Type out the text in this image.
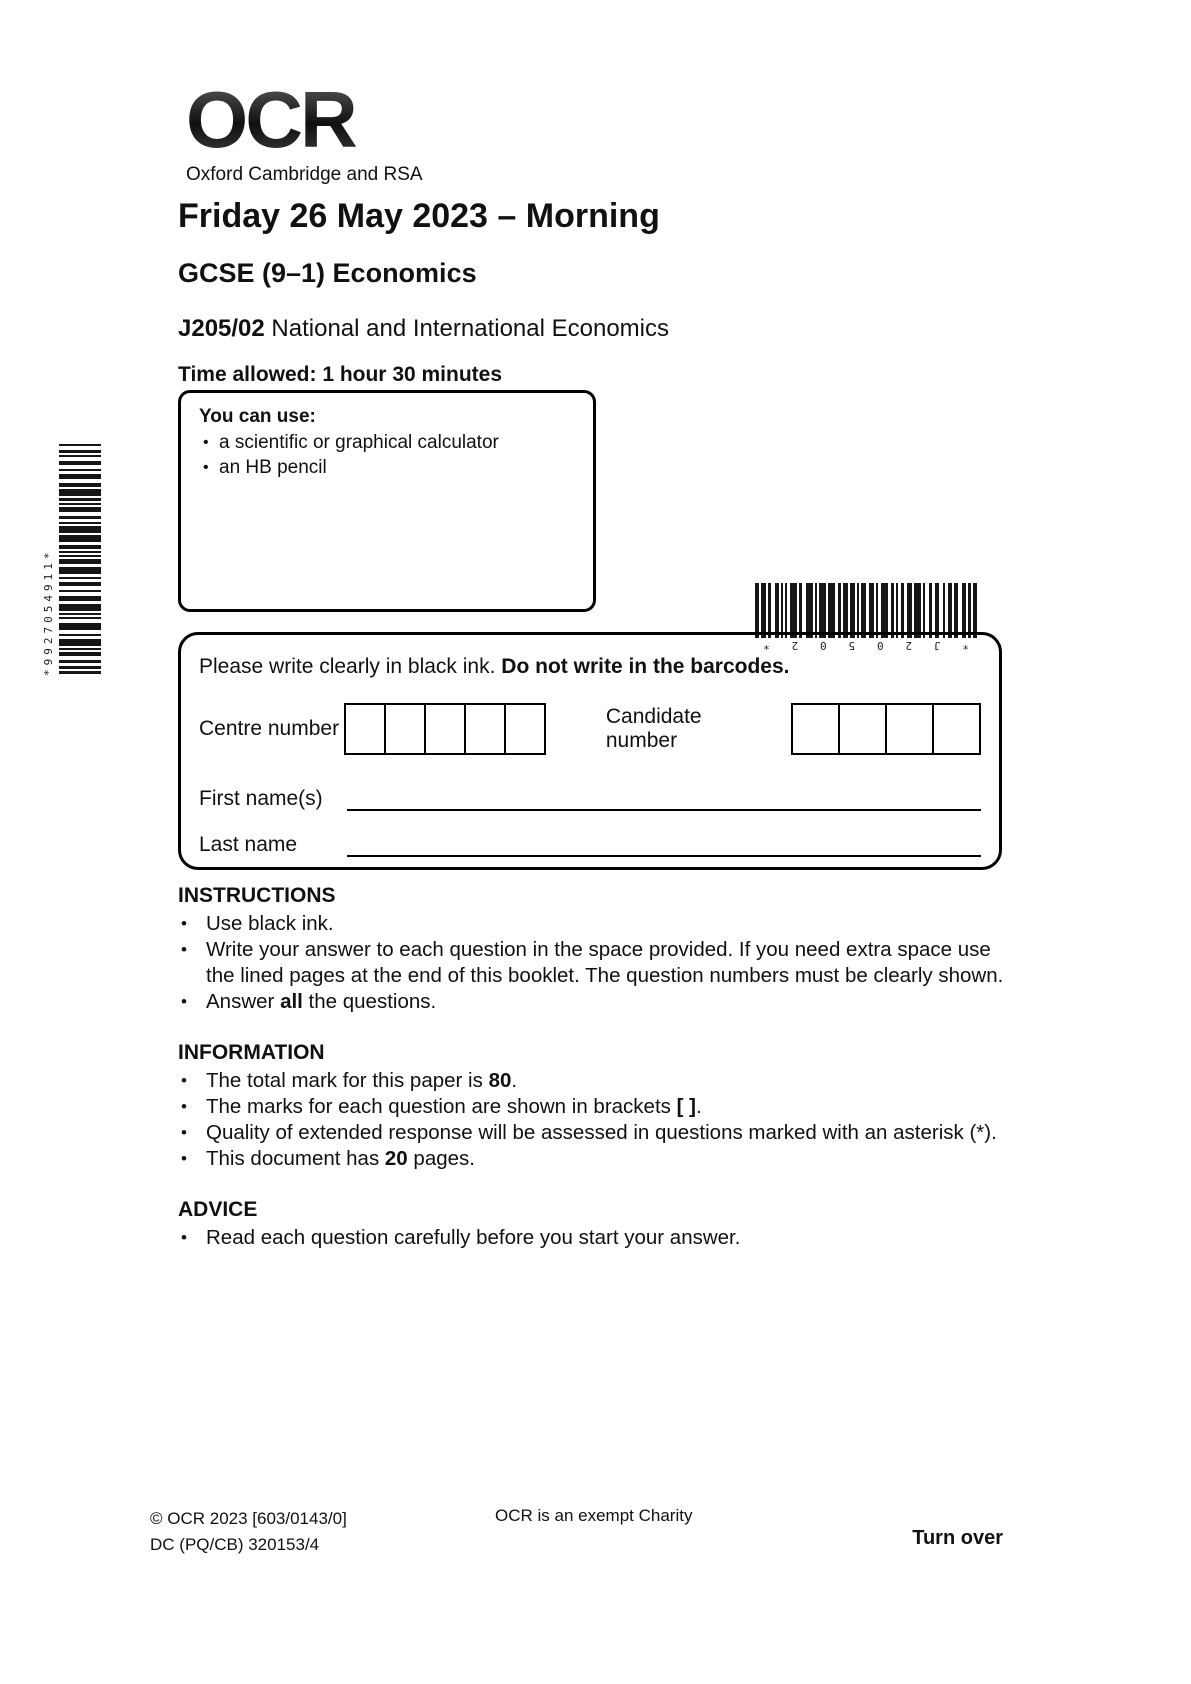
OCR
Oxford Cambridge and RSA
Friday 26 May 2023 – Morning
GCSE (9–1) Economics
J205/02 National and International Economics
Time allowed: 1 hour 30 minutes
You can use:
• a scientific or graphical calculator
• an HB pencil
*9927054911*	*
J
2
0
5
0
2
*
Please write clearly in black ink. Do not write in the barcodes.
Centre number
Candidate number
First name(s)
Last name
INSTRUCTIONS
• Use black ink.
• Write your answer to each question in the space provided. If you need extra space use the lined pages at the end of this booklet. The question numbers must be clearly shown.
• Answer all the questions.
INFORMATION
• The total mark for this paper is 80.
• The marks for each question are shown in brackets [ ].
• Quality of extended response will be assessed in questions marked with an asterisk (*).
• This document has 20 pages.
ADVICE
• Read each question carefully before you start your answer.
© OCR 2023 [603/0143/0]
DC (PQ/CB) 320153/4
OCR is an exempt Charity
Turn over
